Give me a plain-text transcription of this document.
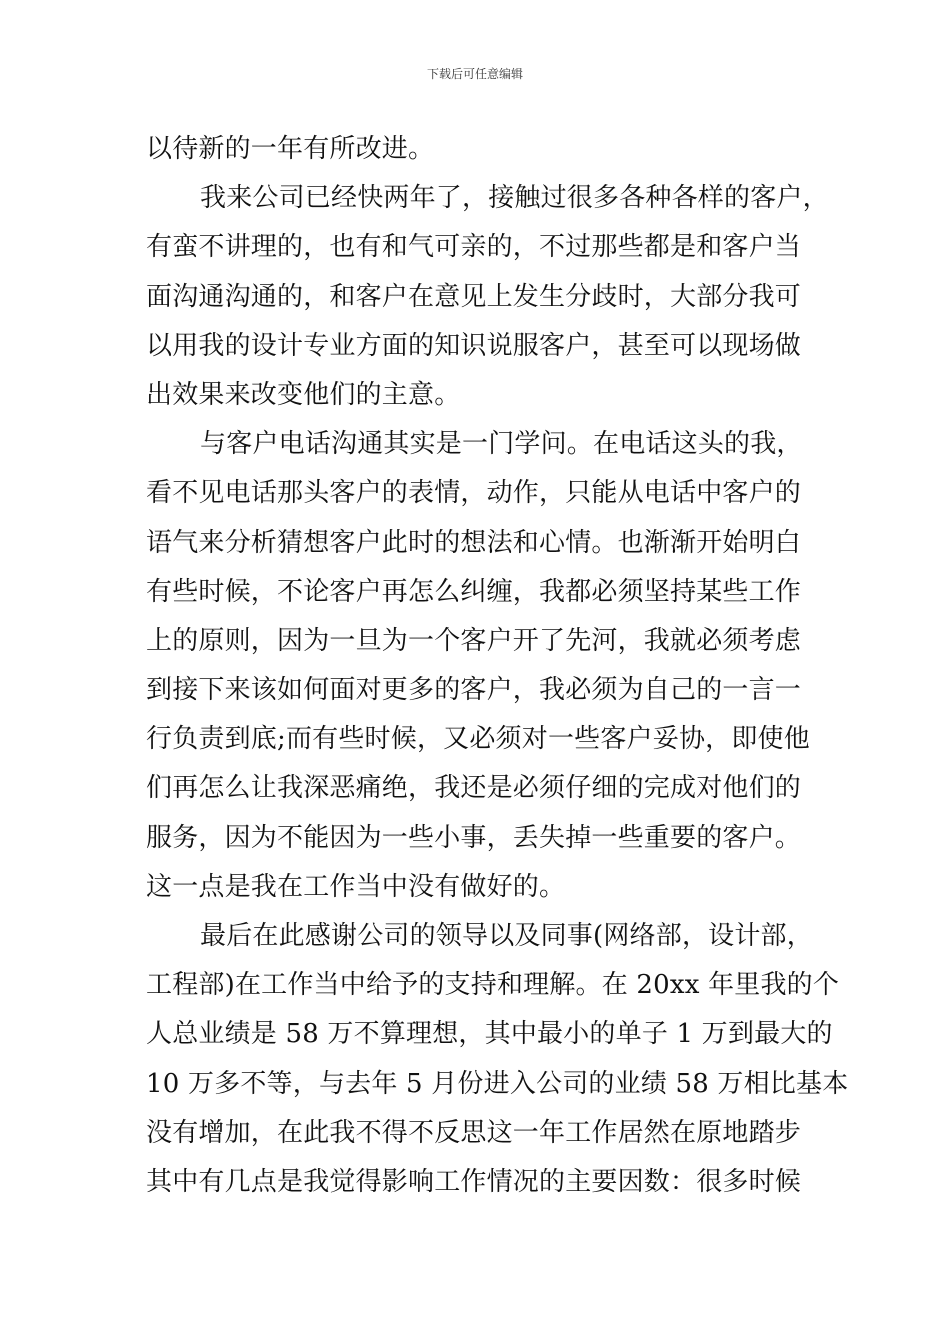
下载后可任意编辑
以待新的一年有所改进。
我来公司已经快两年了，接触过很多各种各样的客户，
有蛮不讲理的，也有和气可亲的，不过那些都是和客户当
面沟通沟通的，和客户在意见上发生分歧时，大部分我可
以用我的设计专业方面的知识说服客户，甚至可以现场做
出效果来改变他们的主意。
与客户电话沟通其实是一门学问。在电话这头的我，
看不见电话那头客户的表情，动作，只能从电话中客户的
语气来分析猜想客户此时的想法和心情。也渐渐开始明白
有些时候，不论客户再怎么纠缠，我都必须坚持某些工作
上的原则，因为一旦为一个客户开了先河，我就必须考虑
到接下来该如何面对更多的客户，我必须为自己的一言一
行负责到底;而有些时候，又必须对一些客户妥协，即使他
们再怎么让我深恶痛绝，我还是必须仔细的完成对他们的
服务，因为不能因为一些小事，丢失掉一些重要的客户。
这一点是我在工作当中没有做好的。
最后在此感谢公司的领导以及同事(网络部，设计部，
工程部)在工作当中给予的支持和理解。在 20xx 年里我的个
人总业绩是 58 万不算理想，其中最小的单子 1 万到最大的
10 万多不等，与去年 5 月份进入公司的业绩 58 万相比基本
没有增加，在此我不得不反思这一年工作居然在原地踏步
其中有几点是我觉得影响工作情况的主要因数：很多时候
